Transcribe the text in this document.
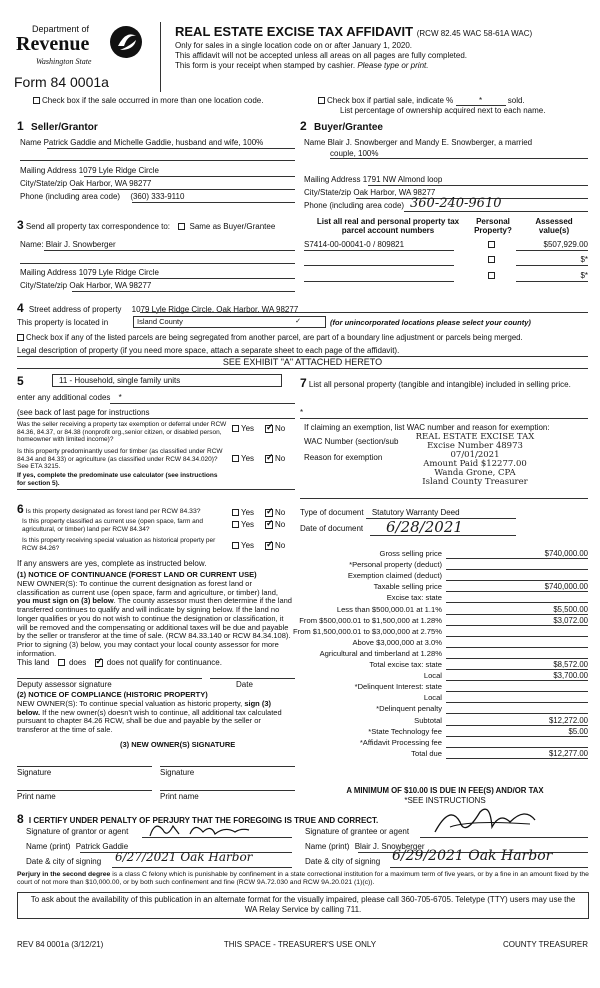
Department of
Revenue
Washington State
Form 84 0001a
REAL ESTATE EXCISE TAX AFFIDAVIT (RCW 82.45 WAC 58-61A WAC)
Only for sales in a single location code on or after January 1, 2020.
This affidavit will not be accepted unless all areas on all pages are fully completed.
This form is your receipt when stamped by cashier. Please type or print.
Check box if the sale occurred in more than one location code.	Check box if partial sale, indicate %	*	sold.
List percentage of ownership acquired next to each name.
1 Seller/Grantor
Name Patrick Gaddie and Michelle Gaddie, husband and wife, 100%
Mailing Address 1079 Lyle Ridge Circle
City/State/zip Oak Harbor, WA 98277
Phone (including area code) (360) 333-9110
2 Buyer/Grantee
Name Blair J. Snowberger and Mandy E. Snowberger, a married
couple, 100%
Mailing Address 1791 NW Almond loop
City/State/zip Oak Harbor, WA 98277
Phone (including area code) 360-240-9610
3 Send all property tax correspondence to: Same as Buyer/Grantee
Name: Blair J. Snowberger
Mailing Address 1079 Lyle Ridge Circle
City/State/zip Oak Harbor, WA 98277
List all real and personal property tax
parcel account numbers
Personal
Property?
Assessed
value(s)
S7414-00-00041-0 / 809821	$507,929.00
$*
$*
4 Street address of property 1079 Lyle Ridge Circle, Oak Harbor, WA 98277
This property is located in	Island County	✓	(for unincorporated locations please select your county)
Check box if any of the listed parcels are being segregated from another parcel, are part of a boundary line adjustment or parcels being merged.
Legal description of property (if you need more space, attach a separate sheet to each page of the affidavit).
SEE EXHIBIT "A" ATTACHED HERETO
5	11 - Household, single family units
enter any additional codes *
(see back of last page for instructions
Was the seller receiving a property tax exemption or deferral under RCW 84.36, 84.37, or 84.38 (nonprofit org.,senior citizen, or disabled person, homeowner with limited income)?
Yes ✓	No
Is this property predominantly used for timber (as classified under RCW 84.34 and 84.33) or agriculture (as classified under RCW 84.34.020)? See ETA 3215.
Yes ✓	No
If yes, complete the predominate use calculator (see instructions for section 5).
7 List all personal property (tangible and intangible) included in selling price.
*
If claiming an exemption, list WAC number and reason for exemption:
WAC Number (section/sub
Reason for exemption
REAL ESTATE EXCISE TAX
Excise Number 48973
07/01/2021
Amount Paid $12277.00
Wanda Grone, CPA
Island County Treasurer
Type of document Statutory Warranty Deed
Date of document 6/28/2021
6 Is this property designated as forest land per RCW 84.33?	Yes ✓	No
Is this property classified as current use (open space, farm and agricultural, or timber) land per RCW 84.34?	Yes ✓	No
Is this property receiving special valuation as historical property per RCW 84.26?	Yes ✓	No
If any answers are yes, complete as instructed below.
(1) NOTICE OF CONTINUANCE (FOREST LAND OR CURRENT USE)
NEW OWNER(S): To continue the current designation as forest land or classification as current use (open space, farm and agriculture, or timber) land, you must sign on (3) below. The county assessor must then determine if the land transferred continues to qualify and will indicate by signing below. If the land no longer qualifies or you do not wish to continue the designation or classification, it will be removed and the compensating or additional taxes will be due and payable by the seller or transferor at the time of sale. (RCW 84.33.140 or RCW 84.34.108). Prior to signing (3) below, you may contact your local county assessor for more information.
This land does ✓	does not qualify for continuance.
Deputy assessor signature	Date
(2) NOTICE OF COMPLIANCE (HISTORIC PROPERTY)
NEW OWNER(S): To continue special valuation as historic property, sign (3) below. If the new owner(s) doesn't wish to continue, all additional tax calculated pursuant to chapter 84.26 RCW, shall be due and payable by the seller or transferor at the time of sale.
(3) NEW OWNER(S) SIGNATURE
Signature	Signature
Print name	Print name
Gross selling price	$740,000.00
*Personal property (deduct)
Exemption claimed (deduct)
Taxable selling price	$740,000.00
Excise tax: state
Less than $500,000.01 at 1.1%	$5,500.00
From $500,000.01 to $1,500,000 at 1.28%	$3,072.00
From $1,500,000.01 to $3,000,000 at 2.75%
Above $3,000,000 at 3.0%
Agricultural and timberland at 1.28%
Total excise tax: state	$8,572.00
Local	$3,700.00
*Delinquent Interest: state
Local
*Delinquent penalty
Subtotal	$12,272.00
*State Technology fee	$5.00
*Affidavit Processing fee
Total due	$12,277.00
A MINIMUM OF $10.00 IS DUE IN FEE(S) AND/OR TAX
*SEE INSTRUCTIONS
8 I CERTIFY UNDER PENALTY OF PERJURY THAT THE FOREGOING IS TRUE AND CORRECT.
Signature of grantor or agent	Signature of grantee or agent
Name (print) Patrick Gaddie	Name (print) Blair J. Snowberger
Date & city of signing 6/27/2021 Oak Harbor	Date & city of signing 6/29/2021 Oak Harbor
Perjury in the second degree is a class C felony which is punishable by confinement in a state correctional institution for a maximum term of five years, or by a fine in an amount fixed by the court of not more than $10,000.00, or by both such confinement and fine (RCW 9A.72.030 and RCW 9A.20.021 (1)(c)).
To ask about the availability of this publication in an alternate format for the visually impaired, please call 360-705-6705. Teletype (TTY) users may use the WA Relay Service by calling 711.
REV 84 0001a (3/12/21)	THIS SPACE - TREASURER'S USE ONLY	COUNTY TREASURER
